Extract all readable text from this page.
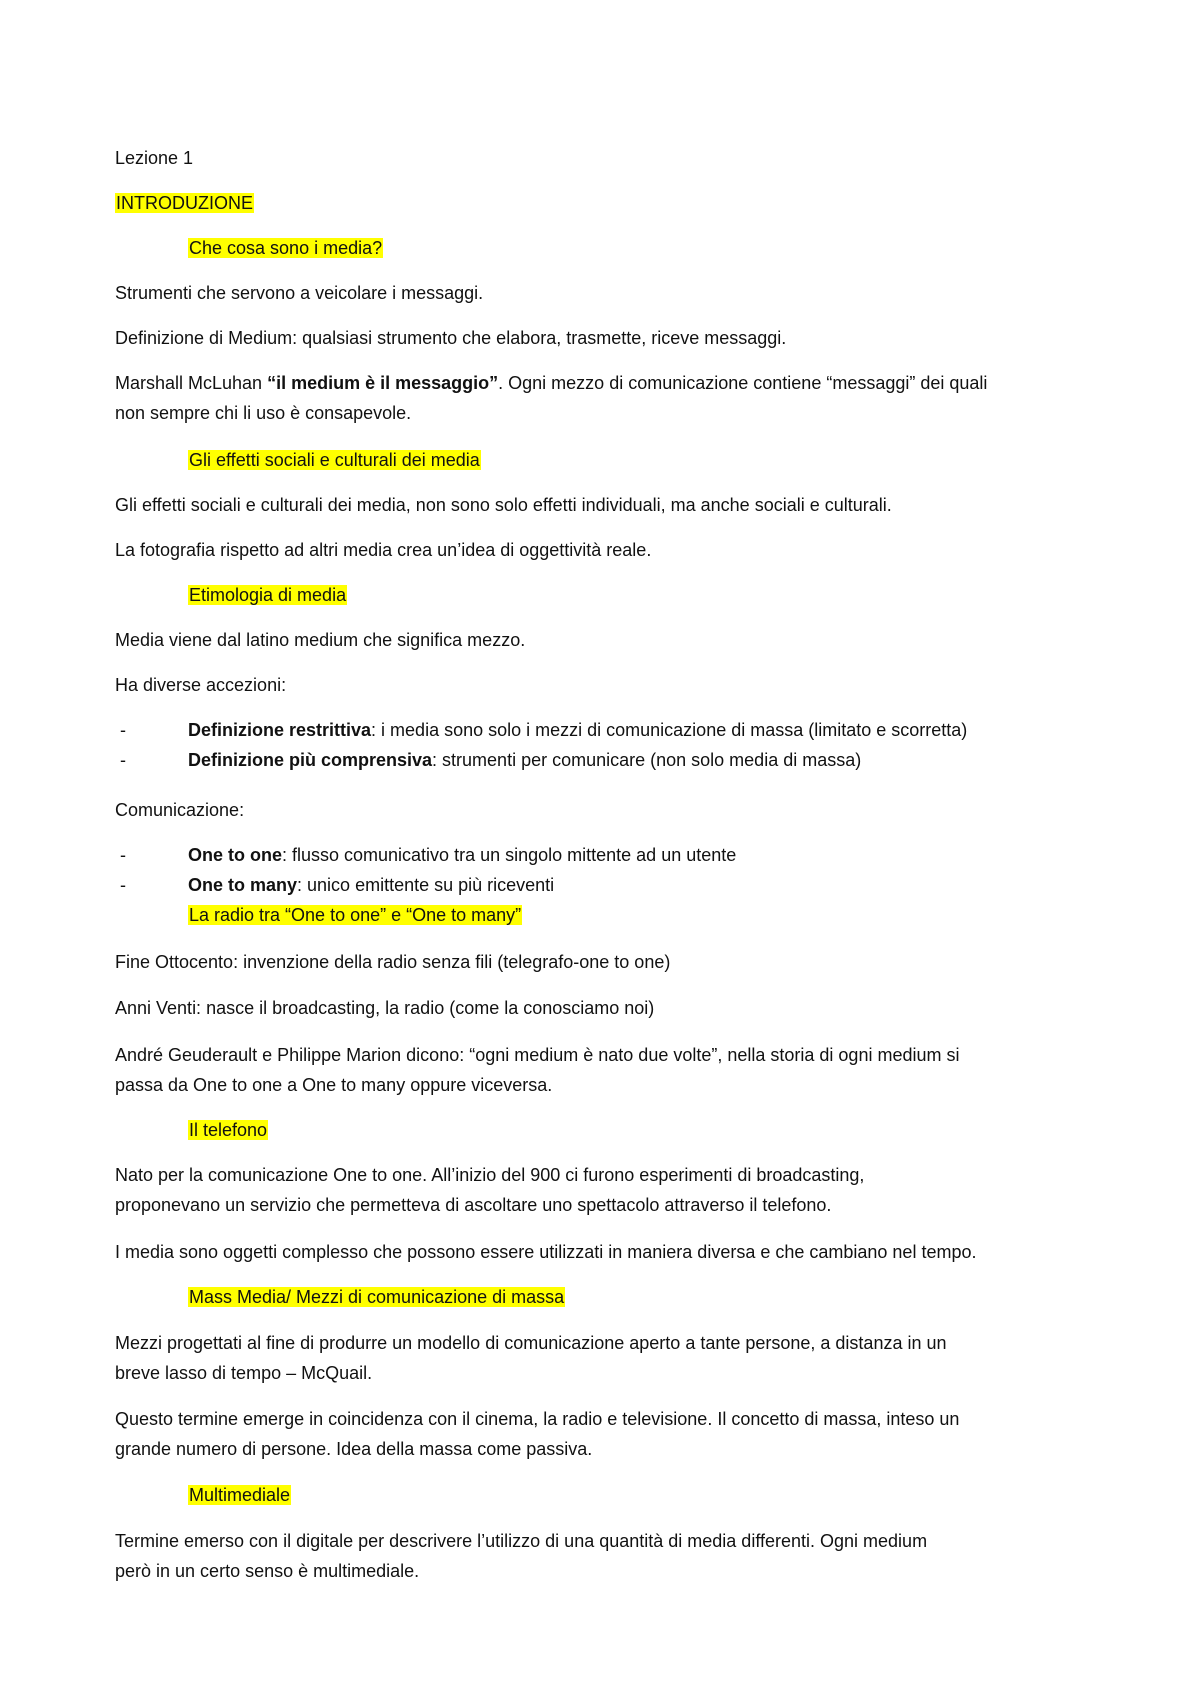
Lezione 1
INTRODUZIONE
Che cosa sono i media?
Strumenti che servono a veicolare i messaggi.
Definizione di Medium: qualsiasi strumento che elabora, trasmette, riceve messaggi.
Marshall McLuhan “il medium è il messaggio”. Ogni mezzo di comunicazione contiene “messaggi” dei quali
non sempre chi li uso è consapevole.
Gli effetti sociali e culturali dei media
Gli effetti sociali e culturali dei media, non sono solo effetti individuali, ma anche sociali e culturali.
La fotografia rispetto ad altri media crea un’idea di oggettività reale.
Etimologia di media
Media viene dal latino medium che significa mezzo.
Ha diverse accezioni:
-	Definizione restrittiva: i media sono solo i mezzi di comunicazione di massa (limitato e scorretta)
-	Definizione più comprensiva: strumenti per comunicare (non solo media di massa)
Comunicazione:
-	One to one: flusso comunicativo tra un singolo mittente ad un utente
-	One to many: unico emittente su più riceventi
La radio tra “One to one” e “One to many”
Fine Ottocento: invenzione della radio senza fili (telegrafo-one to one)
Anni Venti: nasce il broadcasting, la radio (come la conosciamo noi)
André Geuderault e Philippe Marion dicono: “ogni medium è nato due volte”, nella storia di ogni medium si
passa da One to one a One to many oppure viceversa.
Il telefono
Nato per la comunicazione One to one. All’inizio del 900 ci furono esperimenti di broadcasting,
proponevano un servizio che permetteva di ascoltare uno spettacolo attraverso il telefono.
I media sono oggetti complesso che possono essere utilizzati in maniera diversa e che cambiano nel tempo.
Mass Media/ Mezzi di comunicazione di massa
Mezzi progettati al fine di produrre un modello di comunicazione aperto a tante persone, a distanza in un
breve lasso di tempo – McQuail.
Questo termine emerge in coincidenza con il cinema, la radio e televisione. Il concetto di massa, inteso un
grande numero di persone. Idea della massa come passiva.
Multimediale
Termine emerso con il digitale per descrivere l’utilizzo di una quantità di media differenti. Ogni medium
però in un certo senso è multimediale.
